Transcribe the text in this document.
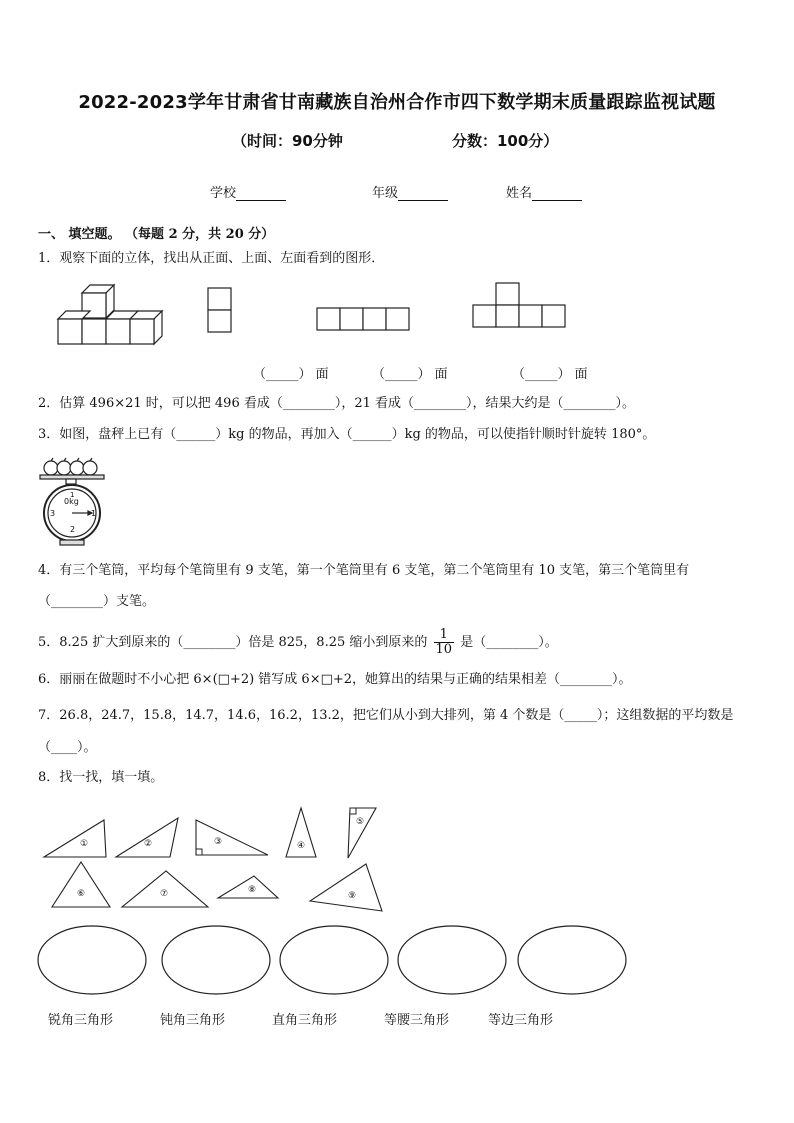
2022-2023学年甘肃省甘南藏族自治州合作市四下数学期末质量跟踪监视试题
（时间：90分钟	分数：100分）
学校	年级	姓名
一、 填空题。 （每题 2 分，共 20 分）
1．观察下面的立体，找出从正面、上面、左面看到的图形．
（_____） 面	（_____） 面	（_____） 面
2．估算 496×21 时，可以把 496 看成（________），21 看成（________），结果大约是（________）。
3．如图，盘秤上已有（______）kg 的物品，再加入（______）kg 的物品，可以使指针顺时针旋转 180°。
0kg
1
3	1
2
4．有三个笔筒，平均每个笔筒里有 9 支笔，第一个笔筒里有 6 支笔，第二个笔筒里有 10 支笔，第三个笔筒里有
（________）支笔。
5．8.25 扩大到原来的（________）倍是 825，8.25 缩小到原来的 $\frac{1}{10}$ 是（________）。
6．丽丽在做题时不小心把 6×(□+2) 错写成 6×□+2，她算出的结果与正确的结果相差（________）。
7．26.8，24.7，15.8，14.7，14.6，16.2，13.2，把它们从小到大排列，第 4 个数是（_____）；这组数据的平均数是
（____）。
8．找一找，填一填。
①	②	③	④
⑤
⑥	⑦	⑧
⑨
锐角三角形	钝角三角形	直角三角形	等腰三角形	等边三角形
